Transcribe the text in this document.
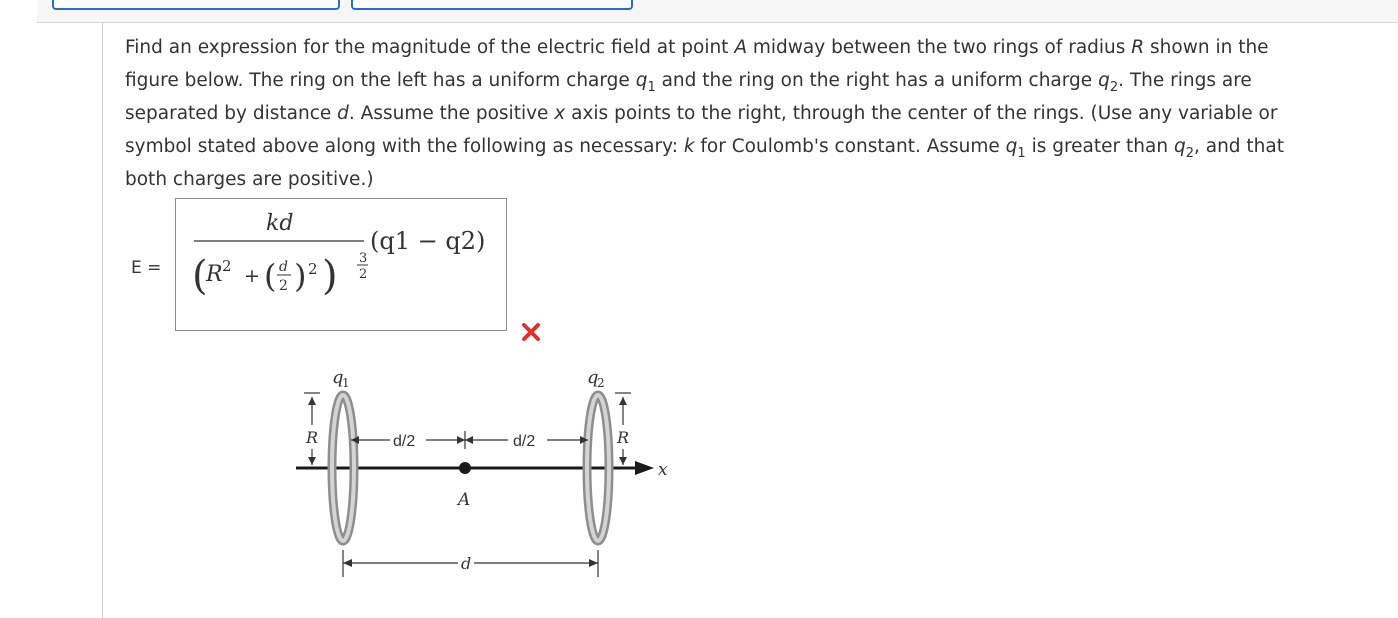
Find an expression for the magnitude of the electric field at point A midway between the two rings of radius R shown in the
figure below. The ring on the left has a uniform charge $q_1$ and the ring on the right has a uniform charge $q_2$. The rings are
separated by distance d. Assume the positive x axis points to the right, through the center of the rings. (Use any variable or
symbol stated above along with the following as necessary: k for Coulomb's constant. Assume $q_1$ is greater than $q_2$, and that
both charges are positive.)
E =
kd
(
R 2 + ( d
2 ) 2 ) 3
2
(q1 − q2)
q
1	q
2
x
R	R
d/2	d/2
A
d
